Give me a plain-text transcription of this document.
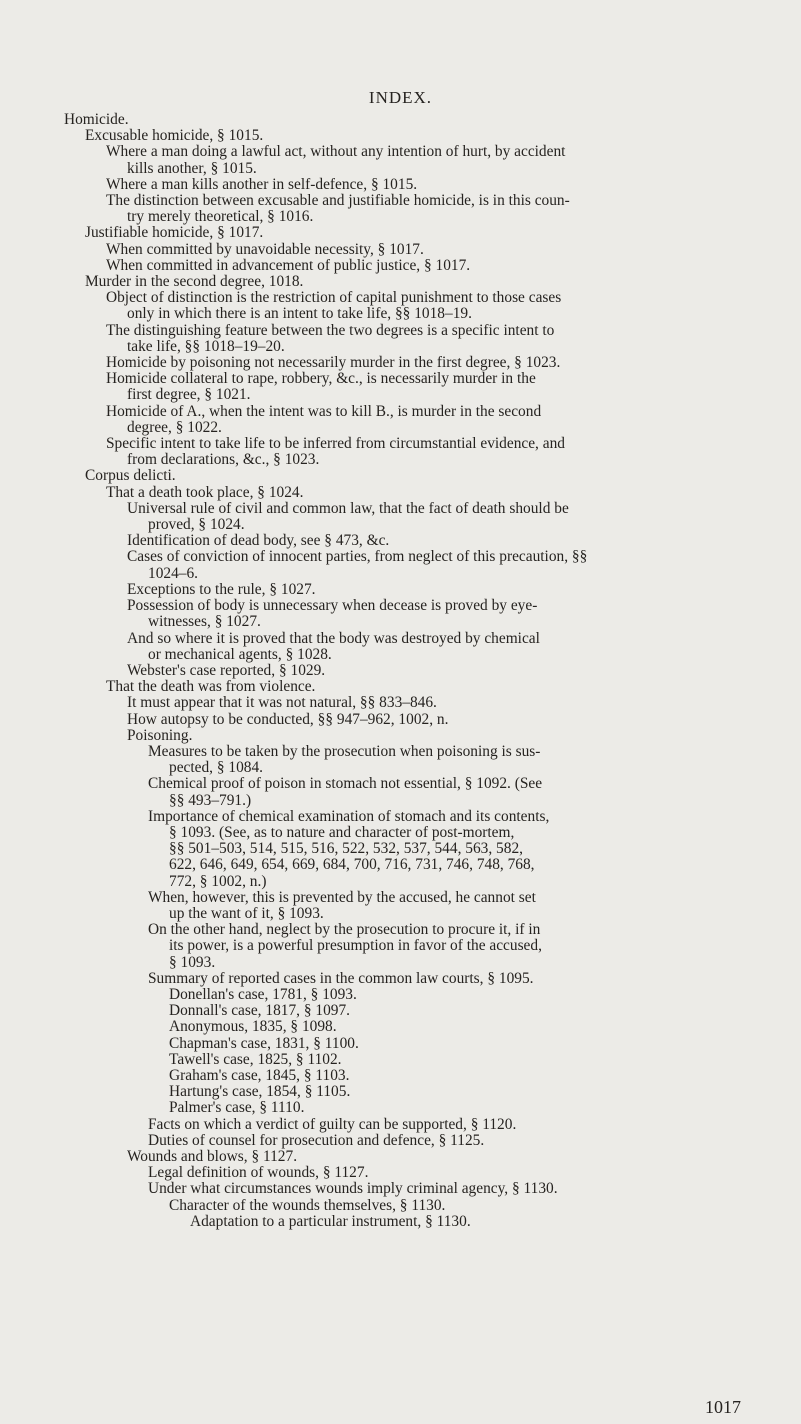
INDEX.
Homicide.
Excusable homicide, § 1015.
Where a man doing a lawful act, without any intention of hurt, by accident
kills another, § 1015.
Where a man kills another in self-defence, § 1015.
The distinction between excusable and justifiable homicide, is in this coun-
try merely theoretical, § 1016.
Justifiable homicide, § 1017.
When committed by unavoidable necessity, § 1017.
When committed in advancement of public justice, § 1017.
Murder in the second degree, 1018.
Object of distinction is the restriction of capital punishment to those cases
only in which there is an intent to take life, §§ 1018–19.
The distinguishing feature between the two degrees is a specific intent to
take life, §§ 1018–19–20.
Homicide by poisoning not necessarily murder in the first degree, § 1023.
Homicide collateral to rape, robbery, &c., is necessarily murder in the
first degree, § 1021.
Homicide of A., when the intent was to kill B., is murder in the second
degree, § 1022.
Specific intent to take life to be inferred from circumstantial evidence, and
from declarations, &c., § 1023.
Corpus delicti.
That a death took place, § 1024.
Universal rule of civil and common law, that the fact of death should be
proved, § 1024.
Identification of dead body, see § 473, &c.
Cases of conviction of innocent parties, from neglect of this precaution, §§
1024–6.
Exceptions to the rule, § 1027.
Possession of body is unnecessary when decease is proved by eye-
witnesses, § 1027.
And so where it is proved that the body was destroyed by chemical
or mechanical agents, § 1028.
Webster's case reported, § 1029.
That the death was from violence.
It must appear that it was not natural, §§ 833–846.
How autopsy to be conducted, §§ 947–962, 1002, n.
Poisoning.
Measures to be taken by the prosecution when poisoning is sus-
pected, § 1084.
Chemical proof of poison in stomach not essential, § 1092. (See
§§ 493–791.)
Importance of chemical examination of stomach and its contents,
§ 1093. (See, as to nature and character of post-mortem,
§§ 501–503, 514, 515, 516, 522, 532, 537, 544, 563, 582,
622, 646, 649, 654, 669, 684, 700, 716, 731, 746, 748, 768,
772, § 1002, n.)
When, however, this is prevented by the accused, he cannot set
up the want of it, § 1093.
On the other hand, neglect by the prosecution to procure it, if in
its power, is a powerful presumption in favor of the accused,
§ 1093.
Summary of reported cases in the common law courts, § 1095.
Donellan's case, 1781, § 1093.
Donnall's case, 1817, § 1097.
Anonymous, 1835, § 1098.
Chapman's case, 1831, § 1100.
Tawell's case, 1825, § 1102.
Graham's case, 1845, § 1103.
Hartung's case, 1854, § 1105.
Palmer's case, § 1110.
Facts on which a verdict of guilty can be supported, § 1120.
Duties of counsel for prosecution and defence, § 1125.
Wounds and blows, § 1127.
Legal definition of wounds, § 1127.
Under what circumstances wounds imply criminal agency, § 1130.
Character of the wounds themselves, § 1130.
Adaptation to a particular instrument, § 1130.
1017
